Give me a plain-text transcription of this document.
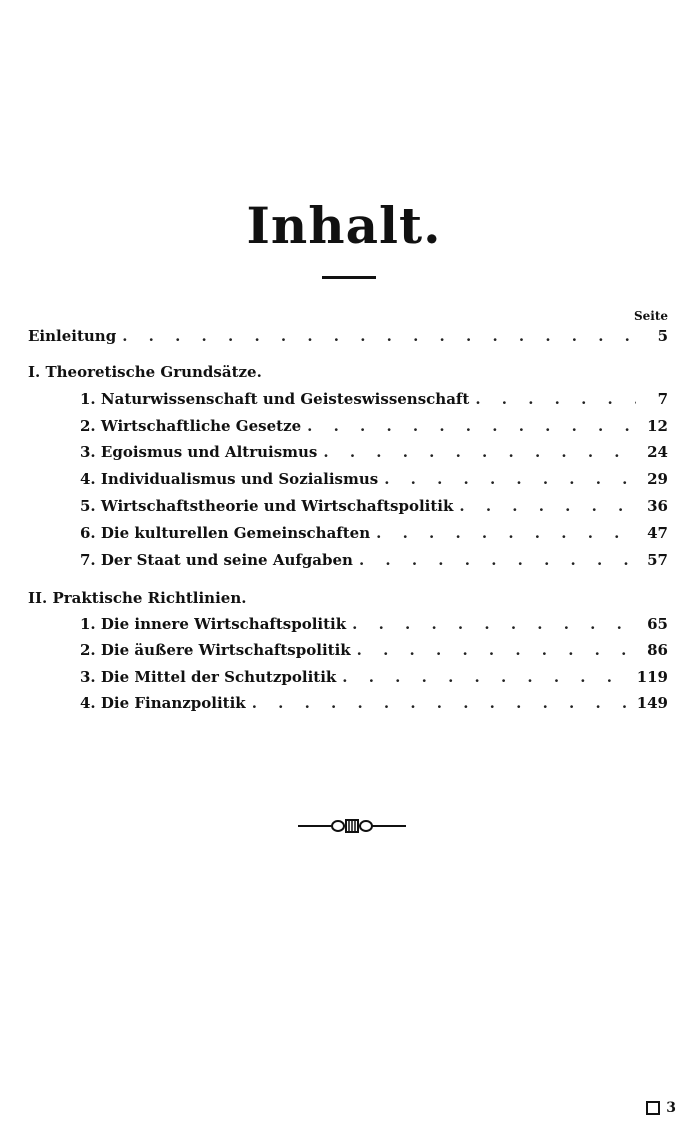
Inhalt.
Seite
Einleitung . . .	5
I. Theoretische Grundsätze.
1. Naturwissenschaft und Geisteswissenschaft . . .	7
2. Wirtschaftliche Gesetze . . .	12
3. Egoismus und Altruismus . . .	24
4. Individualismus und Sozialismus . . .	29
5. Wirtschaftstheorie und Wirtschaftspolitik . . .	36
6. Die kulturellen Gemeinschaften . . .	47
7. Der Staat und seine Aufgaben . . .	57
II. Praktische Richtlinien.
1. Die innere Wirtschaftspolitik . . .	65
2. Die äußere Wirtschaftspolitik . . .	86
3. Die Mittel der Schutzpolitik . . .	119
4. Die Finanzpolitik . . .	149
3
